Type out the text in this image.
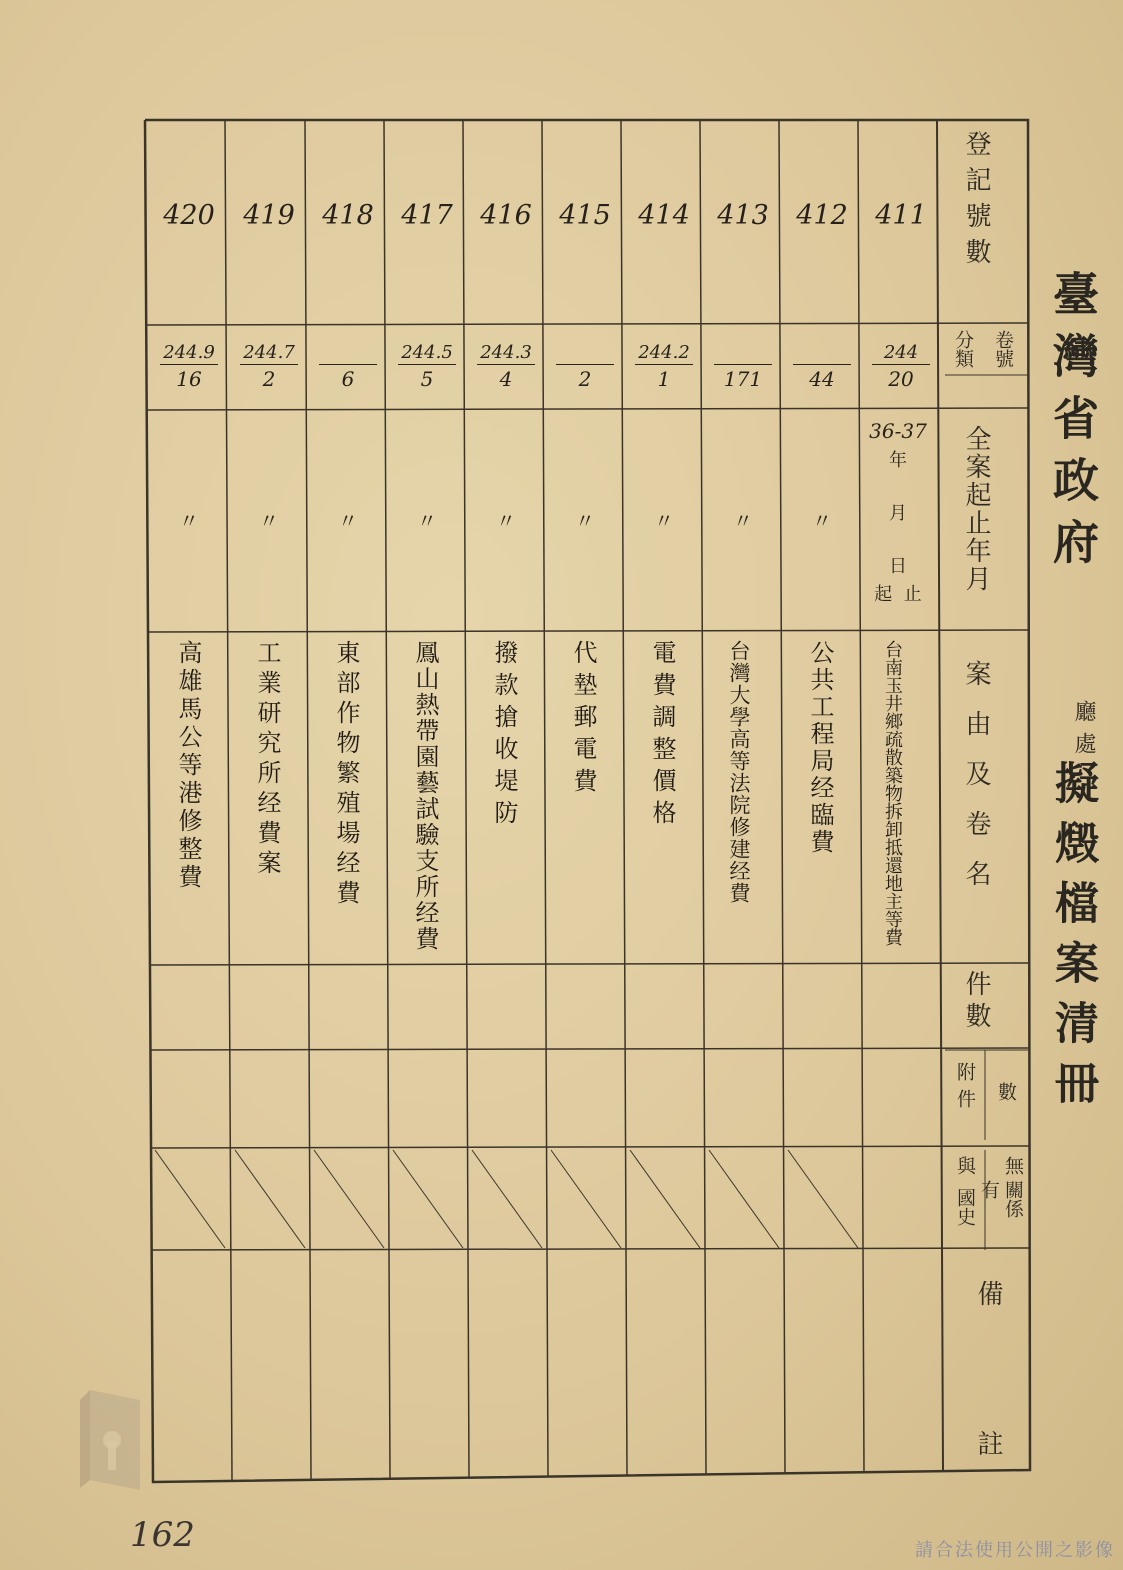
登記號數
卷號
分類
全案起止年月
案由及卷名
件數
數
附件
無
有 關係
與
國史
備
註
臺灣省政府
廳處
擬燬檔案清冊
411
244
20
36-37
年
月
日
起 止
台南玉井鄉疏散築物拆卸抵還地主等費
412
44
〃
公共工程局经臨費
413
171
〃
台灣大學高等法院修建经費
414
244.2
1
〃
電費調整價格
415
2
〃
代墊郵電費
416
244.3
4
〃
撥款搶收堤防
417
244.5
5
〃
鳳山熱帶園藝試驗支所经費
418
6
〃
東部作物繁殖場经費
419
244.7
2
〃
工業研究所经費案
420
244.9
16
〃
高雄馬公等港修整費
162	請合法使用公開之影像
